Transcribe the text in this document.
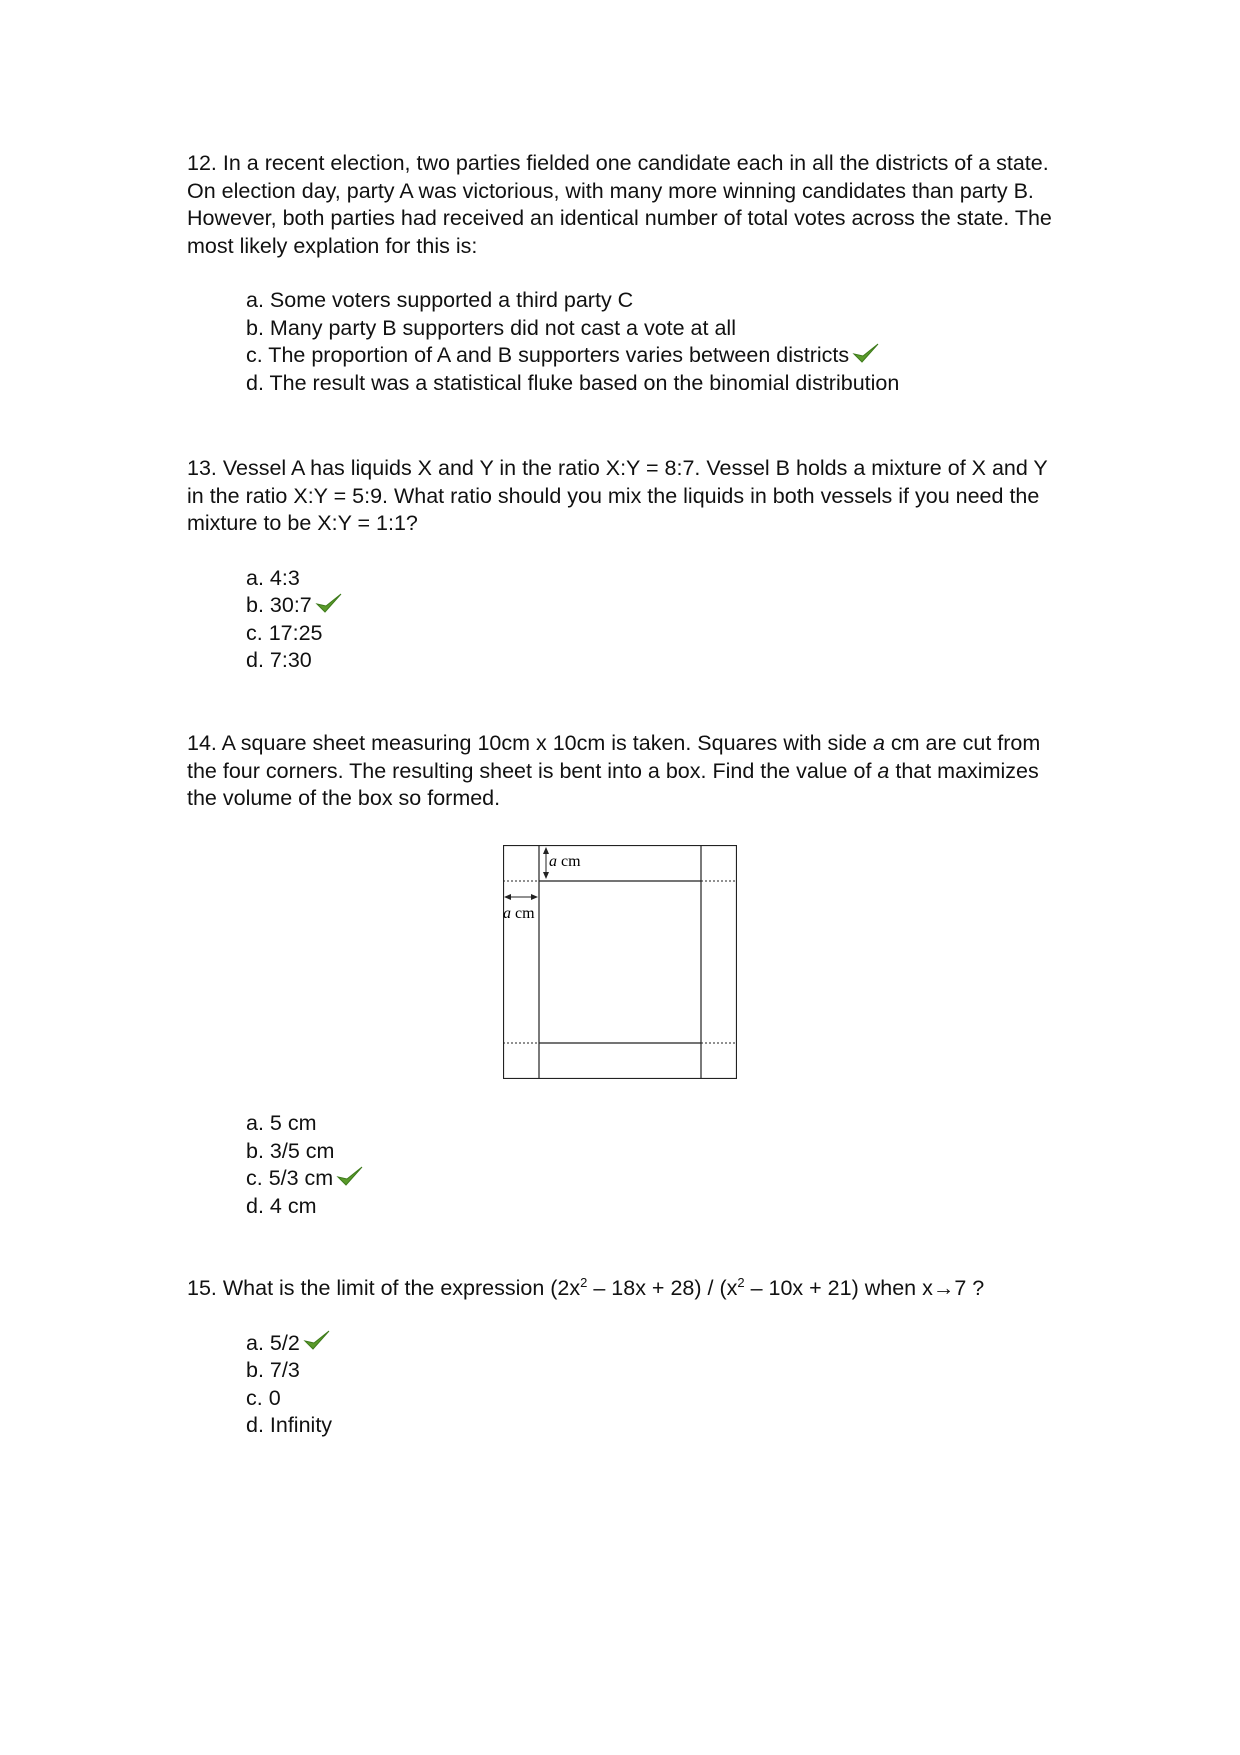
12. In a recent election, two parties fielded one candidate each in all the districts of a state. On election day, party A was victorious, with many more winning candidates than party B. However, both parties had received an identical number of total votes across the state. The most likely explation for this is:

a. Some voters supported a third party C
b. Many party B supporters did not cast a vote at all
c. The proportion of A and B supporters varies between districts
d. The result was a statistical fluke based on the binomial distribution

13. Vessel A has liquids X and Y in the ratio X:Y = 8:7. Vessel B holds a mixture of X and Y in the ratio X:Y = 5:9. What ratio should you mix the liquids in both vessels if you need the mixture to be X:Y = 1:1?

a. 4:3
b. 30:7
c. 17:25
d. 7:30

14. A square sheet measuring 10cm x 10cm is taken. Squares with side a cm are cut from the four corners. The resulting sheet is bent into a box. Find the value of a that maximizes the volume of the box so formed.

a cm
a cm
a. 5 cm
b. 3/5 cm
c. 5/3 cm
d. 4 cm

15. What is the limit of the expression $(2x^2 - 18x + 28) / (x^2 - 10x + 21)$ when x→7 ?

a. 5/2
b. 7/3
c. 0
d. Infinity
